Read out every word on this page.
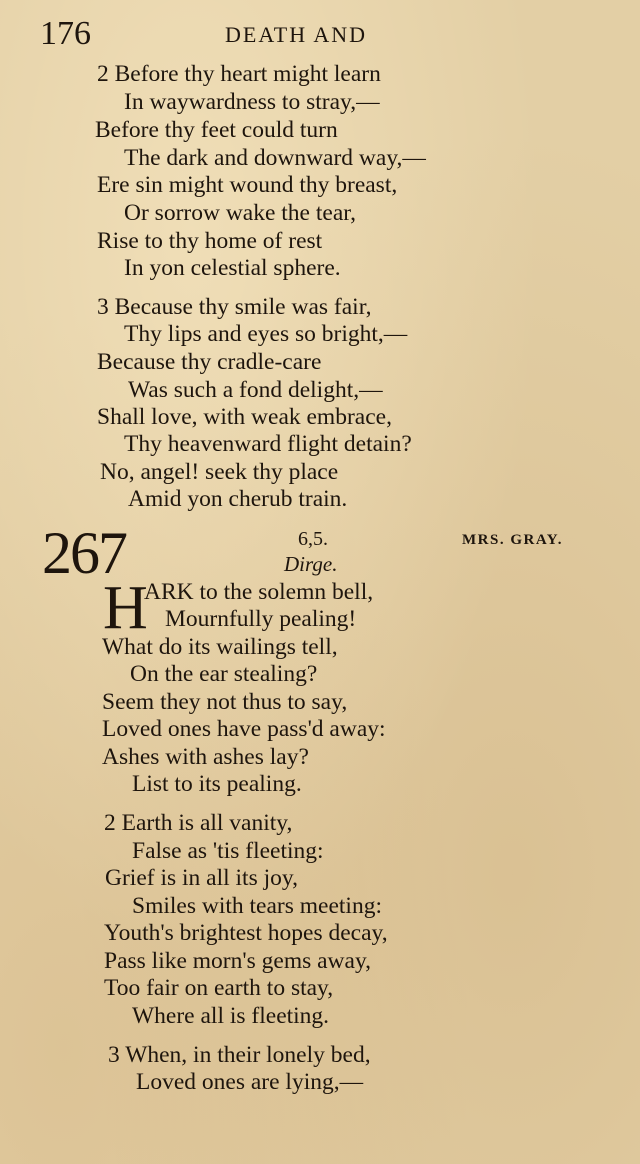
176	DEATH AND
2 Before thy heart might learn
In waywardness to stray,—
Before thy feet could turn
The dark and downward way,—
Ere sin might wound thy breast,
Or sorrow wake the tear,
Rise to thy home of rest
In yon celestial sphere.
3 Because thy smile was fair,
Thy lips and eyes so bright,—
Because thy cradle-care
Was such a fond delight,—
Shall love, with weak embrace,
Thy heavenward flight detain?
No, angel! seek thy place
Amid yon cherub train.
267	6,5.	MRS. GRAY.
Dirge.
H
ARK to the solemn bell,
Mournfully pealing!
What do its wailings tell,
On the ear stealing?
Seem they not thus to say,
Loved ones have pass'd away:
Ashes with ashes lay?
List to its pealing.
2 Earth is all vanity,
False as 'tis fleeting:
Grief is in all its joy,
Smiles with tears meeting:
Youth's brightest hopes decay,
Pass like morn's gems away,
Too fair on earth to stay,
Where all is fleeting.
3 When, in their lonely bed,
Loved ones are lying,—
